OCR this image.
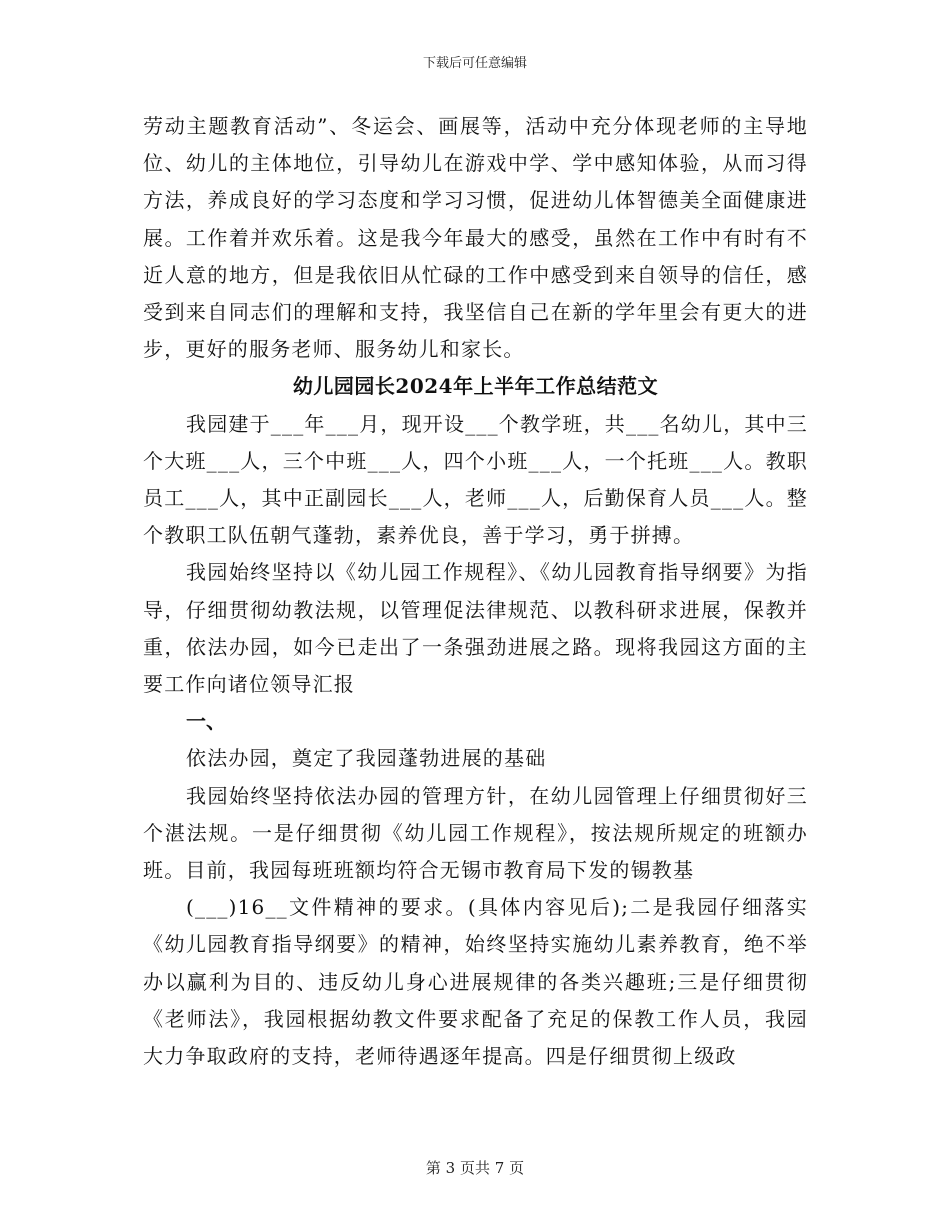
下载后可任意编辑

劳动主题教育活动”、冬运会、画展等，活动中充分体现老师的主导地位、幼儿的主体地位，引导幼儿在游戏中学、学中感知体验，从而习得方法，养成良好的学习态度和学习习惯，促进幼儿体智德美全面健康进展。工作着并欢乐着。这是我今年最大的感受，虽然在工作中有时有不近人意的地方，但是我依旧从忙碌的工作中感受到来自领导的信任，感受到来自同志们的理解和支持，我坚信自己在新的学年里会有更大的进步，更好的服务老师、服务幼儿和家长。

幼儿园园长2024年上半年工作总结范文

我园建于___年___月，现开设___个教学班，共___名幼儿，其中三个大班___人，三个中班___人，四个小班___人，一个托班___人。教职员工___人，其中正副园长___人，老师___人，后勤保育人员___人。整个教职工队伍朝气蓬勃，素养优良，善于学习，勇于拼搏。

我园始终坚持以《幼儿园工作规程》、《幼儿园教育指导纲要》为指导，仔细贯彻幼教法规，以管理促法律规范、以教科研求进展，保教并重，依法办园，如今已走出了一条强劲进展之路。现将我园这方面的主要工作向诸位领导汇报

一、

依法办园，奠定了我园蓬勃进展的基础

我园始终坚持依法办园的管理方针，在幼儿园管理上仔细贯彻好三个湛法规。一是仔细贯彻《幼儿园工作规程》，按法规所规定的班额办班。目前，我园每班班额均符合无锡市教育局下发的锡教基

(___)16__文件精神的要求。(具体内容见后);二是我园仔细落实《幼儿园教育指导纲要》的精神，始终坚持实施幼儿素养教育，绝不举办以赢利为目的、违反幼儿身心进展规律的各类兴趣班;三是仔细贯彻《老师法》，我园根据幼教文件要求配备了充足的保教工作人员，我园大力争取政府的支持，老师待遇逐年提高。四是仔细贯彻上级政

第 3 页共 7 页
